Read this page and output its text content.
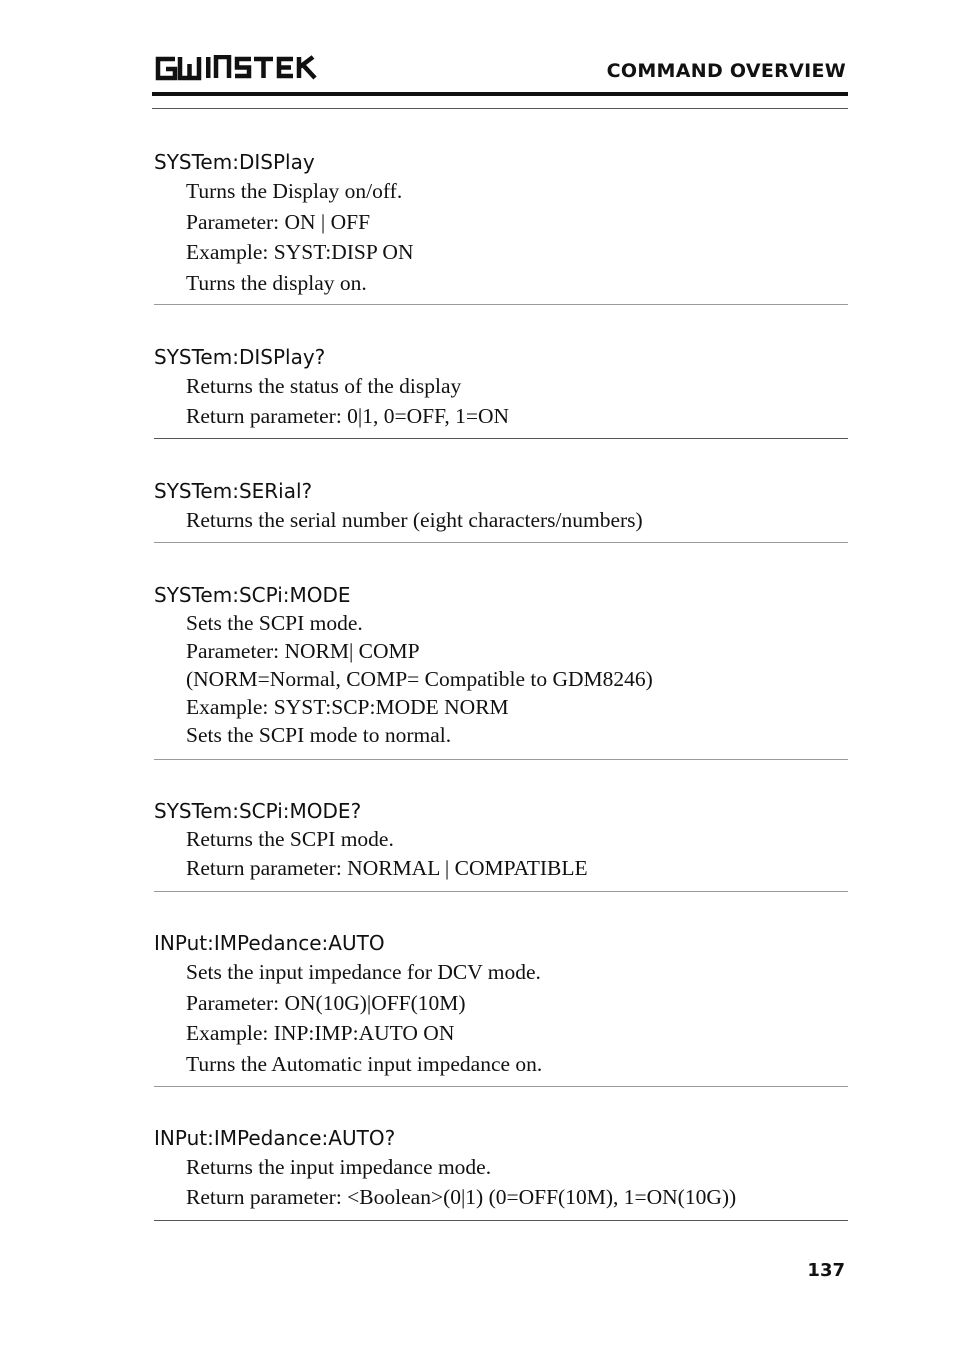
COMMAND OVERVIEW
SYSTem:DISPlay
Turns the Display on/off.
Parameter: ON | OFF
Example: SYST:DISP ON
Turns the display on.
SYSTem:DISPlay?
Returns the status of the display
Return parameter: 0|1, 0=OFF, 1=ON
SYSTem:SERial?
Returns the serial number (eight characters/numbers)
SYSTem:SCPi:MODE
Sets the SCPI mode.
Parameter: NORM| COMP
(NORM=Normal, COMP= Compatible to GDM8246)
Example: SYST:SCP:MODE NORM
Sets the SCPI mode to normal.
SYSTem:SCPi:MODE?
Returns the SCPI mode.
Return parameter: NORMAL | COMPATIBLE
INPut:IMPedance:AUTO
Sets the input impedance for DCV mode.
Parameter: ON(10G)|OFF(10M)
Example: INP:IMP:AUTO ON
Turns the Automatic input impedance on.
INPut:IMPedance:AUTO?
Returns the input impedance mode.
Return parameter: <Boolean>(0|1) (0=OFF(10M), 1=ON(10G))
137
